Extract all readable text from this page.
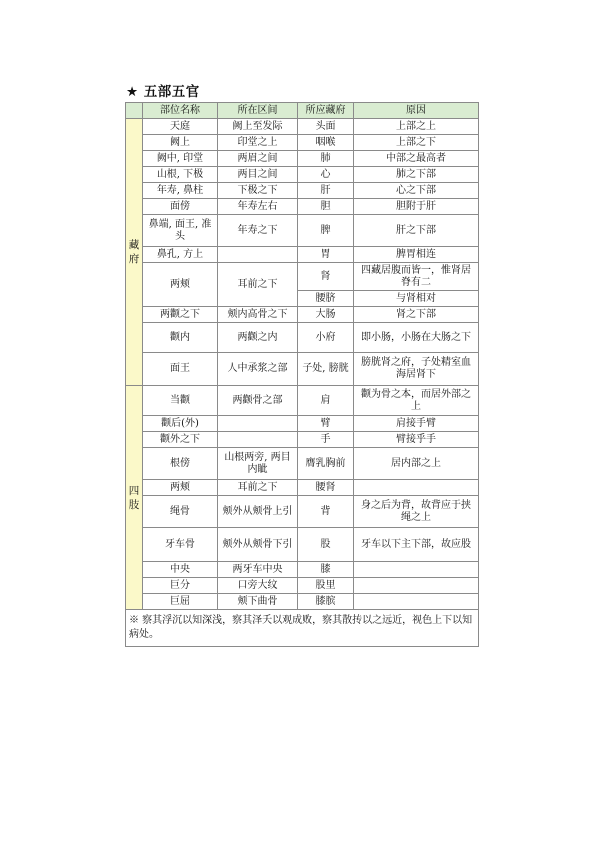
★ 五部五官
	部位名称	所在区间	所应藏府	原因
藏
府	天庭	阙上至发际	头面	上部之上
	阙上	印堂之上	咽喉	上部之下
	阙中, 印堂	两眉之间	肺	中部之最高者
	山根, 下极	两目之间	心	肺之下部
	年寿, 鼻柱	下极之下	肝	心之下部
	面傍	年寿左右	胆	胆附于肝
	鼻端, 面王, 准头	年寿之下	脾	肝之下部
	鼻孔, 方上		胃	脾胃相连
	两颊	耳前之下	肾	四藏居腹而皆一，惟肾居脊有二
			腰脐	与肾相对
	两颧之下	颊内高骨之下	大肠	肾之下部
	颧内	两颧之内	小府	即小肠，小肠在大肠之下
	面王	人中承浆之部	子处, 膀胱	膀胱肾之府，子处精室血海居肾下
四
肢	当颧	两颧骨之部	肩	颧为骨之本，而居外部之上
	颧后(外)		臂	肩接手臂
	颧外之下		手	臂接乎手
	根傍	山根两旁, 两目内眦	膺乳胸前	居内部之上
	两颊	耳前之下	腰肾	
	绳骨	颊外从颊骨上引	背	身之后为背，故背应于挟绳之上
	牙车骨	颊外从颊骨下引	股	牙车以下主下部，故应股
	中央	两牙车中央	膝	
	巨分	口旁大纹	股里	
	巨屈	颊下曲骨	膝膑	
※ 察其浮沉以知深浅，察其泽夭以观成败，察其散抟以之远近，视色上下以知病处。				
